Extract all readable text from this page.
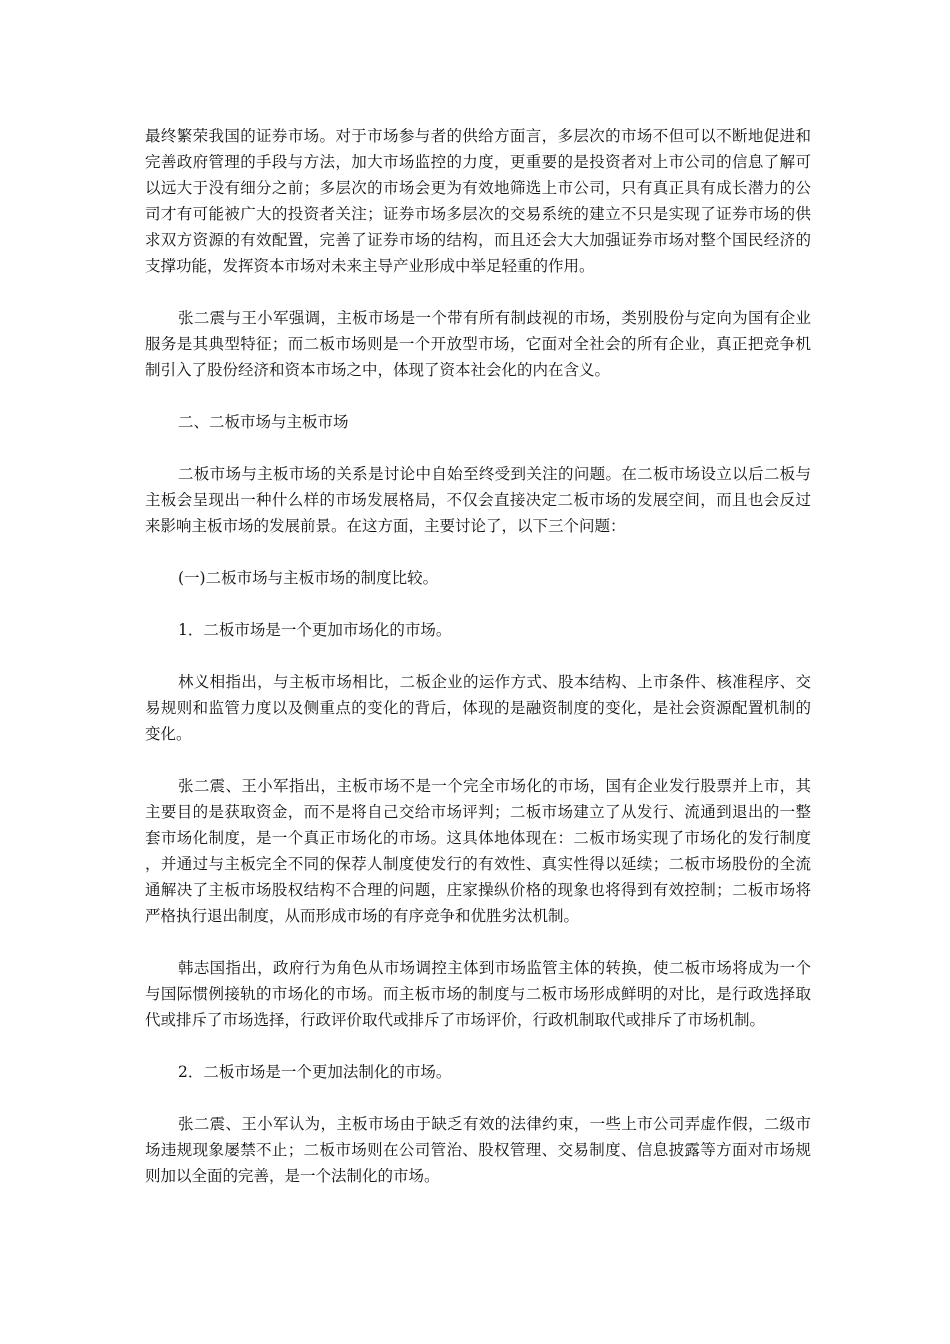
最终繁荣我国的证券市场。对于市场参与者的供给方面言，多层次的市场不但可以不断地促进和完善政府管理的手段与方法，加大市场监控的力度，更重要的是投资者对上市公司的信息了解可以远大于没有细分之前；多层次的市场会更为有效地筛选上市公司，只有真正具有成长潜力的公司才有可能被广大的投资者关注；证券市场多层次的交易系统的建立不只是实现了证券市场的供求双方资源的有效配置，完善了证券市场的结构，而且还会大大加强证券市场对整个国民经济的支撑功能，发挥资本市场对未来主导产业形成中举足轻重的作用。

张二震与王小军强调，主板市场是一个带有所有制歧视的市场，类别股份与定向为国有企业服务是其典型特征；而二板市场则是一个开放型市场，它面对全社会的所有企业，真正把竞争机制引入了股份经济和资本市场之中，体现了资本社会化的内在含义。

二、二板市场与主板市场

二板市场与主板市场的关系是讨论中自始至终受到关注的问题。在二板市场设立以后二板与主板会呈现出一种什么样的市场发展格局，不仅会直接决定二板市场的发展空间，而且也会反过来影响主板市场的发展前景。在这方面，主要讨论了，以下三个问题：

(一)二板市场与主板市场的制度比较。

1．二板市场是一个更加市场化的市场。

林义相指出，与主板市场相比，二板企业的运作方式、股本结构、上市条件、核准程序、交易规则和监管力度以及侧重点的变化的背后，体现的是融资制度的变化，是社会资源配置机制的变化。

张二震、王小军指出，主板市场不是一个完全市场化的市场，国有企业发行股票并上市，其主要目的是获取资金，而不是将自己交给市场评判；二板市场建立了从发行、流通到退出的一整套市场化制度，是一个真正市场化的市场。这具体地体现在：二板市场实现了市场化的发行制度，并通过与主板完全不同的保荐人制度使发行的有效性、真实性得以延续；二板市场股份的全流通解决了主板市场股权结构不合理的问题，庄家操纵价格的现象也将得到有效控制；二板市场将严格执行退出制度，从而形成市场的有序竞争和优胜劣汰机制。

韩志国指出，政府行为角色从市场调控主体到市场监管主体的转换，使二板市场将成为一个与国际惯例接轨的市场化的市场。而主板市场的制度与二板市场形成鲜明的对比，是行政选择取代或排斥了市场选择，行政评价取代或排斥了市场评价，行政机制取代或排斥了市场机制。

2．二板市场是一个更加法制化的市场。

张二震、王小军认为，主板市场由于缺乏有效的法律约束，一些上市公司弄虚作假，二级市场违规现象屡禁不止；二板市场则在公司管治、股权管理、交易制度、信息披露等方面对市场规则加以全面的完善，是一个法制化的市场。
